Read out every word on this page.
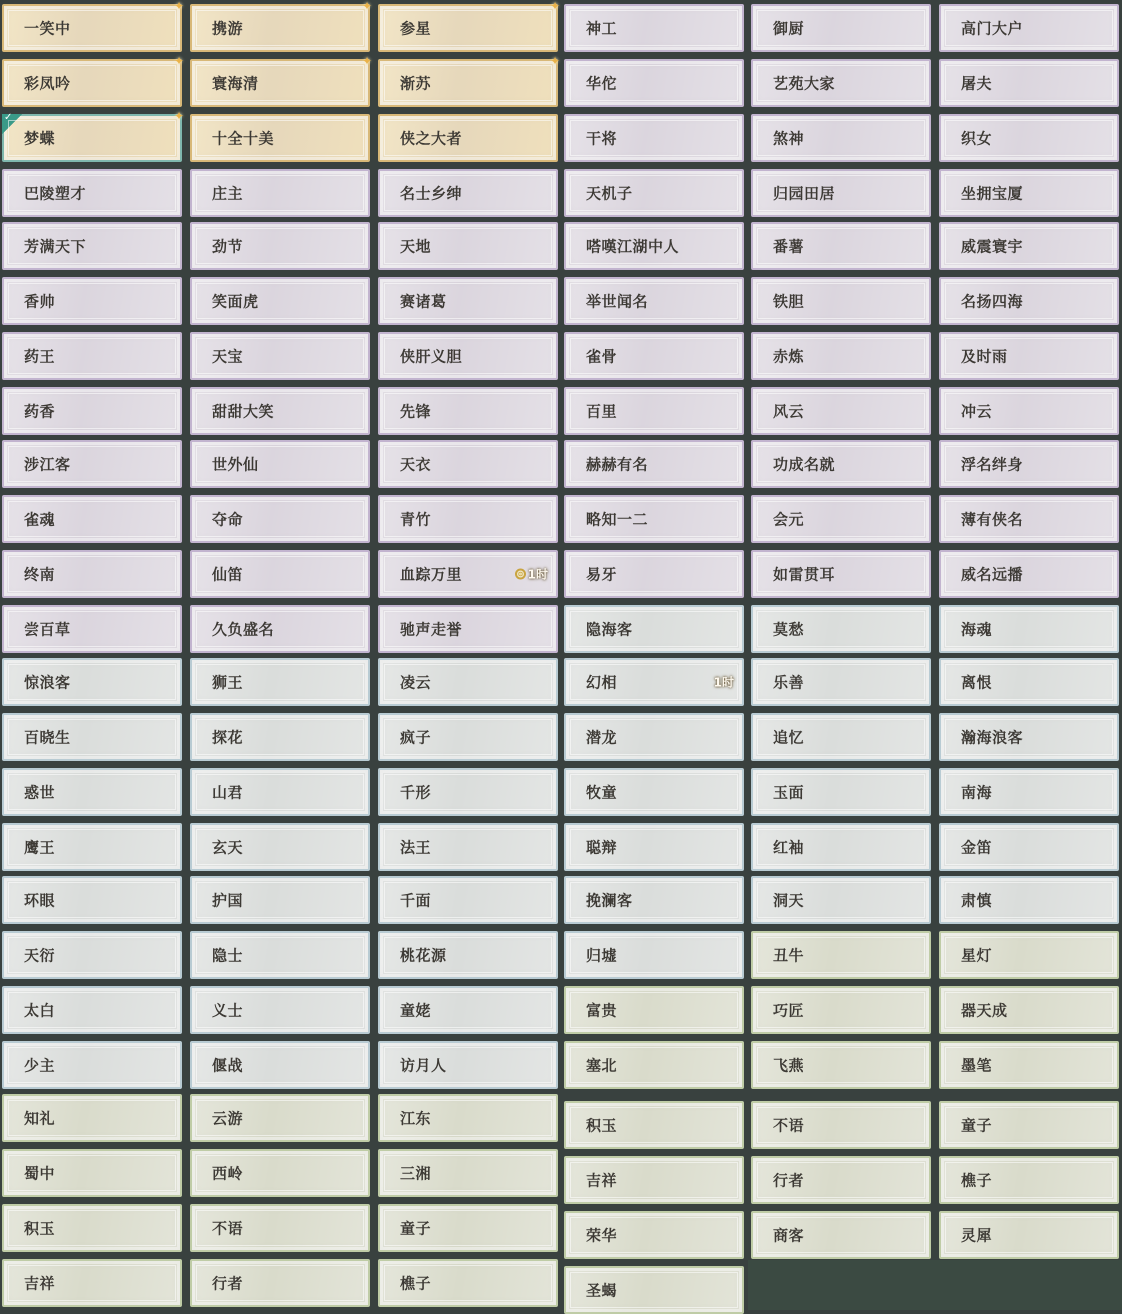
一笑中
✦
彩凤吟
✦
梦蝶
✦
✓
巴陵塑才
芳满天下
香帅
药王
药香
涉江客
雀魂
终南
尝百草
惊浪客
百晓生
惑世
鹰王
环眼
天衍
太白
少主
知礼
蜀中
积玉
吉祥
携游
✦
寰海清
✦
十全十美
庄主
劲节
笑面虎
天宝
甜甜大笑
世外仙
夺命
仙笛
久负盛名
狮王
探花
山君
玄天
护国
隐士
义士
偃战
云游
西岭
不语
行者
参星
✦
渐苏
✦
侠之大者
名士乡绅
天地
赛诸葛
侠肝义胆
先锋
天衣
青竹
血踪万里	1时
驰声走誉
凌云
疯子
千形
法王
千面
桃花源
童姥
访月人
江东
三湘
童子
樵子
神工
华佗
干将
天机子
嗒嘆江湖中人
举世闻名
雀骨
百里
赫赫有名
略知一二
易牙
隐海客
幻相	1时
潜龙
牧童
聪辩
挽澜客
归墟
富贵
塞北
积玉
吉祥
荣华
圣蝎
御厨
艺苑大家
煞神
归园田居
番薯
铁胆
赤炼
风云
功成名就
会元
如雷贯耳
莫愁
乐善
追忆
玉面
红袖
洞天
丑牛
巧匠
飞燕
不语
行者
商客
高门大户
屠夫
织女
坐拥宝厦
威震寰宇
名扬四海
及时雨
冲云
浮名绊身
薄有侠名
威名远播
海魂
离恨
瀚海浪客
南海
金笛
肃慎
星灯
器天成
墨笔
童子
樵子
灵犀
